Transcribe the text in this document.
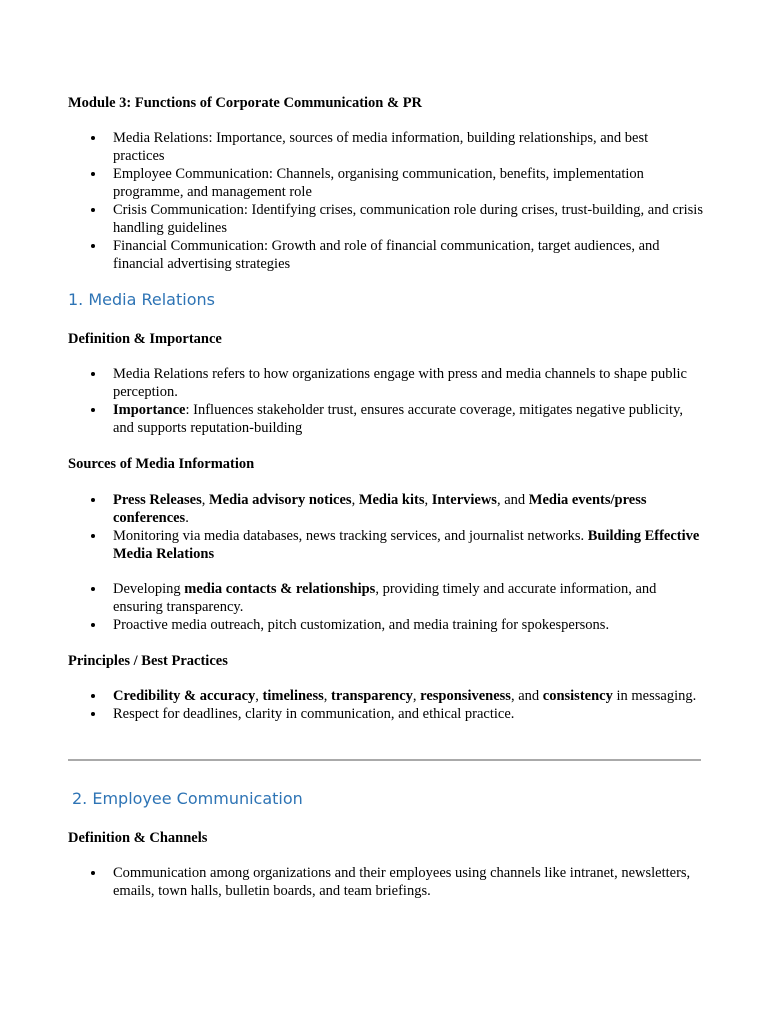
Module 3: Functions of Corporate Communication & PR

Media Relations: Importance, sources of media information, building relationships, and best practices
Employee Communication: Channels, organising communication, benefits, implementation programme, and management role
Crisis Communication: Identifying crises, communication role during crises, trust-building, and crisis handling guidelines
Financial Communication: Growth and role of financial communication, target audiences, and financial advertising strategies
1. Media Relations

Definition & Importance

Media Relations refers to how organizations engage with press and media channels to shape public perception.
Importance: Influences stakeholder trust, ensures accurate coverage, mitigates negative publicity, and supports reputation-building

Sources of Media Information

Press Releases, Media advisory notices, Media kits, Interviews, and Media events/press conferences.
Monitoring via media databases, news tracking services, and journalist networks. Building Effective Media Relations
Developing media contacts & relationships, providing timely and accurate information, and ensuring transparency.
Proactive media outreach, pitch customization, and media training for spokespersons.

Principles / Best Practices

Credibility & accuracy, timeliness, transparency, responsiveness, and consistency in messaging.
Respect for deadlines, clarity in communication, and ethical practice.
2. Employee Communication

Definition & Channels

Communication among organizations and their employees using channels like intranet, newsletters, emails, town halls, bulletin boards, and team briefings.
